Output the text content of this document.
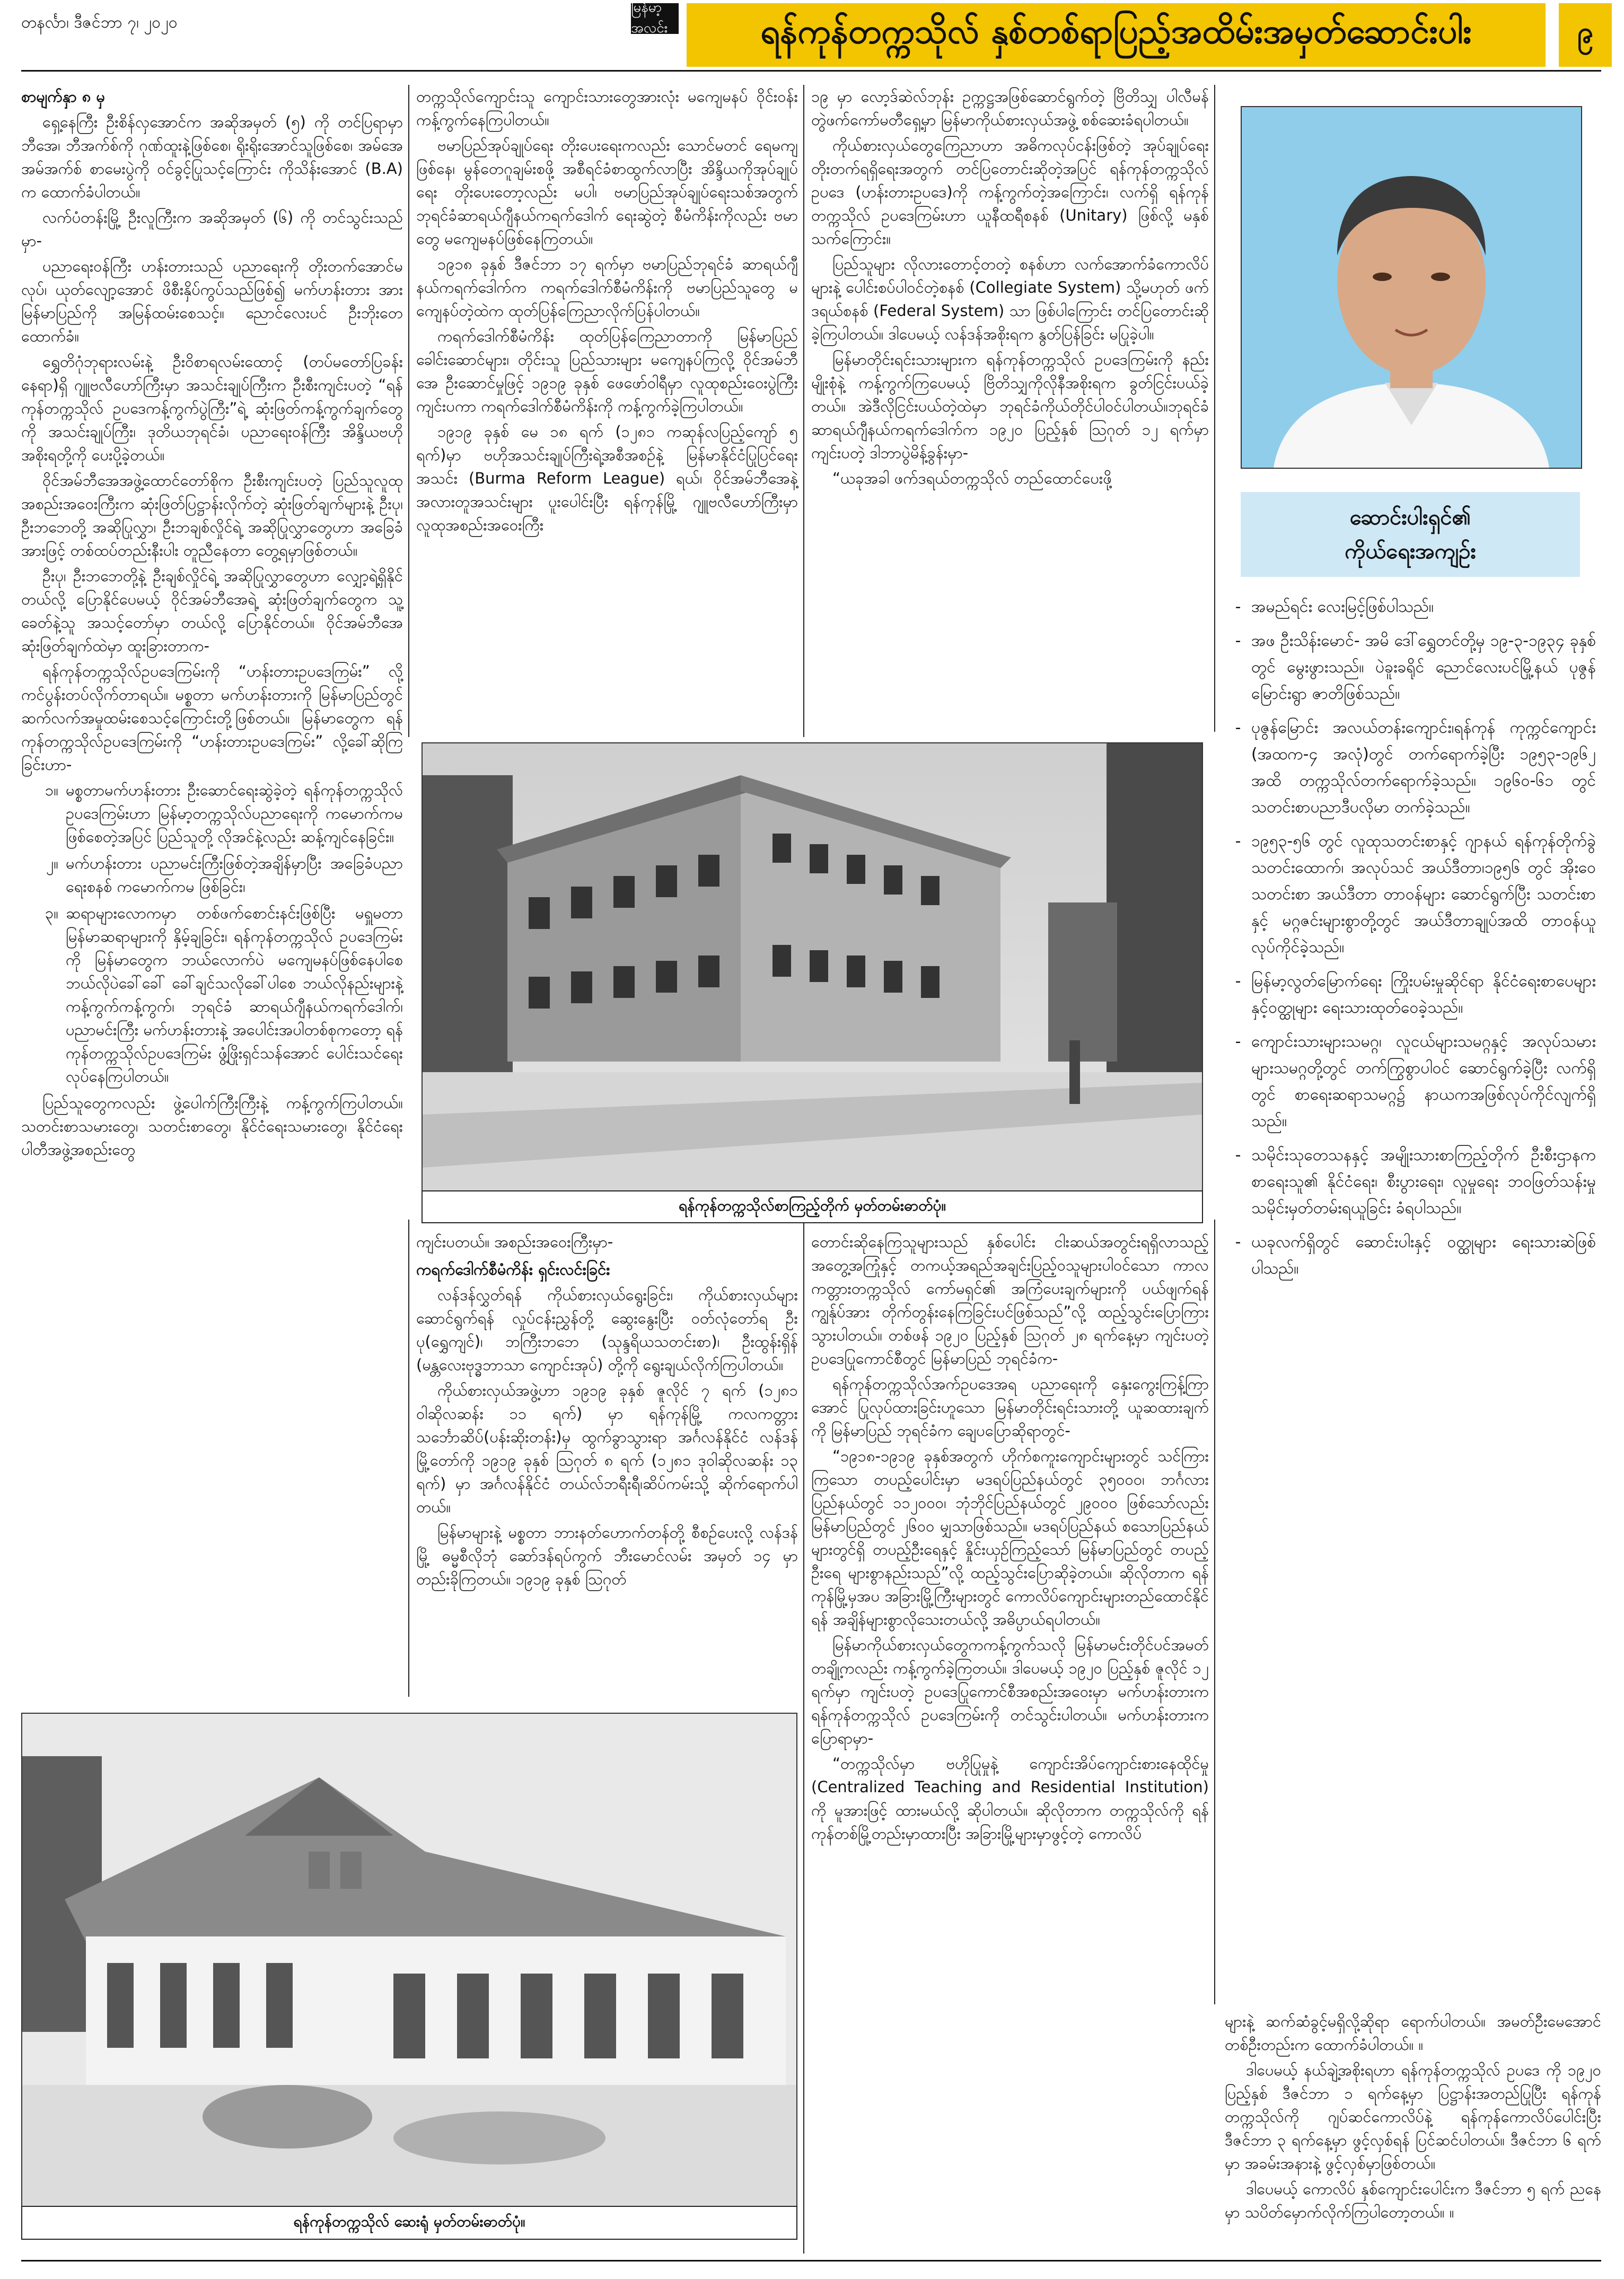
တနင်္လာ၊ ဒီဇင်ဘာ ၇၊ ၂၀၂၀
မြန်မာ့အလင်း	ရန်ကုန်တက္ကသိုလ် နှစ်တစ်ရာပြည့်အထိမ်းအမှတ်ဆောင်းပါး	၉

စာမျက်နှာ ၈ မှ

ရှေ့နေကြီး ဦးစိန်လှအောင်က အဆိုအမှတ် (၅) ကို တင်ပြရာမှာ ဘီအေ၊ ဘီအက်စ်ကို ဂုဏ်ထူးနဲ့ဖြစ်စေ၊ ရိုးရိုးအောင်သူဖြစ်စေ၊ အမ်အေအမ်အက်စ် စာမေးပွဲကို ဝင်ခွင့်ပြုသင့်ကြောင်း ကိုသိန်းအောင် (B.A) က ထောက်ခံပါတယ်။

လက်ပံတန်းမြို့ ဦးလူကြီးက အဆိုအမှတ် (၆) ကို တင်သွင်းသည်မှာ-

ပညာရေးဝန်ကြီး ဟန်းတားသည် ပညာရေးကို တိုးတက်အောင်မလုပ်၊ ယုတ်လျော့အောင် ဖိစီးနှိပ်ကွပ်သည်ဖြစ်၍ မက်ဟန်းတား အား မြန်မာပြည်ကို အမြန်ထမ်းစေသင့်။ ညောင်လေးပင် ဦးဘိုးတေ ထောက်ခံ။

ရွှေတိဂုံဘုရားလမ်းနဲ့ ဦးဝိစာရလမ်းထောင့် (တပ်မတော်ပြခန်းနေရာ)ရှိ ဂျူဗလီဟော်ကြီးမှာ အသင်းချုပ်ကြီးက ဦးစီးကျင်းပတဲ့ “ရန်ကုန်တက္ကသိုလ် ဥပဒေကန့်ကွက်ပွဲကြီး”ရဲ့ ဆုံးဖြတ်ကန့်ကွက်ချက်တွေကို အသင်းချုပ်ကြီး၊ ဒုတိယဘုရင်ခံ၊ ပညာရေးဝန်ကြီး အိန္ဒိယဗဟိုအစိုးရတို့ကို ပေးပို့ခဲ့တယ်။

ဝိုင်အမ်ဘီအေအဖွဲ့ထောင်တော်စိုက ဦးစီးကျင်းပတဲ့ ပြည်သူလူထု အစည်းအဝေးကြီးက ဆုံးဖြတ်ပြဋ္ဌာန်းလိုက်တဲ့ ဆုံးဖြတ်ချက်များနဲ့ ဦးပု၊ ဦးဘဘေတို့ အဆိုပြုလွှာ၊ ဦးဘချစ်လှိုင်ရဲ့ အဆိုပြုလွှာတွေဟာ အခြေခံအားဖြင့် တစ်ထပ်တည်းနီးပါး တူညီနေတာ တွေ့ရမှာဖြစ်တယ်။

ဦးပု၊ ဦးဘဘေတို့နဲ့ ဦးချစ်လှိုင်ရဲ့ အဆိုပြုလွှာတွေဟာ လျှော့ရဲ့ရှိနိုင်တယ်လို့ ပြောနိုင်ပေမယ့် ဝိုင်အမ်ဘီအေရဲ့ ဆုံးဖြတ်ချက်တွေက သူ့ခေတ်နဲ့သူ အသင့်တော်မှာ တယ်လို့ ပြောနိုင်တယ်။ ဝိုင်အမ်ဘီအေ ဆုံးဖြတ်ချက်ထဲမှာ ထူးခြားတာက-

ရန်ကုန်တက္ကသိုလ်ဥပဒေကြမ်းကို “ဟန်းတားဥပဒေကြမ်း” လို့ ကင်ပွန်းတပ်လိုက်တာရယ်။ မစ္စတာ မက်ဟန်းတားကို မြန်မာပြည်တွင် ဆက်လက်အမှုထမ်းစေသင့်ကြောင်းတို့ဖြစ်တယ်။ မြန်မာတွေက ရန်ကုန်တက္ကသိုလ်ဥပဒေကြမ်းကို “ဟန်းတားဥပဒေကြမ်း” လို့ခေါ်ဆိုကြခြင်းဟာ-

၁။ မစ္စတာမက်ဟန်းတား ဦးဆောင်ရေးဆွဲခဲ့တဲ့ ရန်ကုန်တက္ကသိုလ်ဥပဒေကြမ်းဟာ မြန်မာ့တက္ကသိုလ်ပညာရေးကို ကမောက်ကမ ဖြစ်စေတဲ့အပြင် ပြည်သူတို့ လိုအင်နဲ့လည်း ဆန့်ကျင်နေခြင်း။
၂။ မက်ဟန်းတား ပညာမင်းကြီးဖြစ်တဲ့အချိန်မှာပြီး အခြေခံပညာရေးစနစ် ကမောက်ကမ ဖြစ်ခြင်း၊
၃။ ဆရာများလောကမှာ တစ်ဖက်စောင်းနင်းဖြစ်ပြီး မရှူမတာ မြန်မာဆရာများကို နှိမ့်ချခြင်း၊ ရန်ကုန်တက္ကသိုလ် ဥပဒေကြမ်းကို မြန်မာတွေက ဘယ်လောက်ပဲ မကျေမနပ်ဖြစ်နေပါစေ ဘယ်လိုပဲခေါ်ခေါ် ခေါ်ချင်သလိုခေါ်ပါစေ ဘယ်လိုနည်းများနဲ့ ကန့်ကွက်ကန့်ကွက်၊ ဘုရင်ခံ ဆာရယ်ဂျီနယ်ကရက်ဒေါက်၊ ပညာမင်းကြီး မက်ဟန်းတားနဲ့ အပေါင်းအပါတစ်စုကတော့ ရန်ကုန်တက္ကသိုလ်ဥပဒေကြမ်း ဖွံ့ဖြိုးရှင်သန်အောင် ပေါင်းသင်ရေးလုပ်နေကြပါတယ်။

ပြည်သူတွေကလည်း ဖွဲ့ပေါက်ကြီးကြီးနဲ့ ကန့်ကွက်ကြပါတယ်။ သတင်းစာသမားတွေ၊ သတင်းစာတွေ၊ နိုင်ငံရေးသမားတွေ၊ နိုင်ငံရေးပါတီအဖွဲ့အစည်းတွေ

တက္ကသိုလ်ကျောင်းသူ ကျောင်းသားတွေအားလုံး မကျေမနပ် ဝိုင်းဝန်းကန့်ကွက်နေကြပါတယ်။

ဗမာပြည်အုပ်ချုပ်ရေး တိုးပေးရေးကလည်း သောင်မတင် ရေမကျဖြစ်နေ၊ မွန်တေဂူချမ်းစဖို့ အစီရင်ခံစာထွက်လာပြီး အိန္ဒိယကိုအုပ်ချုပ်ရေး တိုးပေးတော့လည်း မပါ၊ ဗမာပြည်အုပ်ချုပ်ရေးသစ်အတွက် ဘုရင်ခံဆာရယ်ဂျီနယ်ကရက်ဒေါက် ရေးဆွဲတဲ့ စီမံကိန်းကိုလည်း ဗမာတွေ မကျေမနပ်ဖြစ်နေကြတယ်။

၁၉၁၈ ခုနှစ် ဒီဇင်ဘာ ၁၇ ရက်မှာ ဗမာပြည်ဘုရင်ခံ ဆာရယ်ဂျီနယ်ကရက်ဒေါက်က ကရက်ဒေါက်စီမံကိန်းကို ဗမာပြည်သူတွေ မကျေနပ်တဲ့ထဲက ထုတ်ပြန်ကြေညာလိုက်ပြန်ပါတယ်။

ကရက်ဒေါက်စီမံကိန်း ထုတ်ပြန်ကြေညာတာကို မြန်မာပြည်ခေါင်းဆောင်များ၊ တိုင်းသူ ပြည်သားများ မကျေနပ်ကြလို့ ဝိုင်အမ်ဘီအေ ဦးဆောင်မှုဖြင့် ၁၉၁၉ ခုနှစ် ဖေဖော်ဝါရီမှာ လူထုစည်းဝေးပွဲကြီးကျင်းပကာ ကရက်ဒေါက်စီမံကိန်းကို ကန့်ကွက်ခဲ့ကြပါတယ်။

၁၉၁၉ ခုနှစ် မေ ၁၈ ရက် (၁၂၈၁ ကဆုန်လပြည့်ကျော် ၅ ရက်)မှာ ဗဟိုအသင်းချုပ်ကြီးရဲ့အစီအစဉ်နဲ့ မြန်မာနိုင်ငံပြုပြင်ရေးအသင်း (Burma Reform League) ရယ်၊ ဝိုင်အမ်ဘီအေနဲ့ အလားတူအသင်းများ ပူးပေါင်းပြီး ရန်ကုန်မြို့ ဂျူဗလီဟော်ကြီးမှာ လူထုအစည်းအဝေးကြီး

၁၉ မှာ လော့ဒ်ဆဲလ်ဘုန်း ဥက္ကဋ္ဌအဖြစ်ဆောင်ရွက်တဲ့ ဗြိတိသျှ ပါလီမန် တွဲဖက်ကော်မတီရှေ့မှာ မြန်မာကိုယ်စားလှယ်အဖွဲ့ စစ်ဆေးခံရပါတယ်။

ကိုယ်စားလှယ်တွေကြေညာဟာ အဓိကလုပ်ငန်းဖြစ်တဲ့ အုပ်ချုပ်ရေးတိုးတက်ရရှိရေးအတွက် တင်ပြတောင်းဆိုတဲ့အပြင် ရန်ကုန်တက္ကသိုလ် ဥပဒေ (ဟန်းတားဥပဒေ)ကို ကန့်ကွက်တဲ့အကြောင်း၊ လက်ရှိ ရန်ကုန်တက္ကသိုလ် ဥပဒေကြမ်းဟာ ယူနီထရီစနစ် (Unitary) ဖြစ်လို့ မနှစ်သက်ကြောင်း။

ပြည်သူများ လိုလားတောင့်တတဲ့ စနစ်ဟာ လက်အောက်ခံကောလိပ်များနဲ့ ပေါင်းစပ်ပါဝင်တဲ့စနစ် (Collegiate System) သို့မဟုတ် ဖက်ဒရယ်စနစ် (Federal System) သာ ဖြစ်ပါကြောင်း တင်ပြတောင်းဆိုခဲ့ကြပါတယ်။ ဒါပေမယ့် လန်ဒန်အစိုးရက နွတ်ပြန်ခြင်း မပြုခဲ့ပါ။

မြန်မာတိုင်းရင်းသားများက ရန်ကုန်တက္ကသိုလ် ဥပဒေကြမ်းကို နည်းမျိုးစုံနဲ့ ကန့်ကွက်ကြပေမယ့် ဗြိတိသျှကိုလိုနီအစိုးရက ခွတ်ငြင်းပယ်ခဲ့တယ်။ အဲဒီလိုငြင်းပယ်တဲ့ထဲမှာ ဘုရင်ခံကိုယ်တိုင်ပါဝင်ပါတယ်။ဘုရင်ခံ ဆာရယ်ဂျီနယ်ကရက်ဒေါက်က ၁၉၂၀ ပြည့်နှစ် ဩဂုတ် ၁၂ ရက်မှာကျင်းပတဲ့ ဒါဘာပွဲမိန့်ခွန်းမှာ-

“ယခုအခါ ဖက်ဒရယ်တက္ကသိုလ် တည်ထောင်ပေးဖို့

ရန်ကုန်တက္ကသိုလ်စာကြည့်တိုက် မှတ်တမ်းဓာတ်ပုံ။

ကျင်းပတယ်။ အစည်းအဝေးကြီးမှာ-

ကရက်ဒေါက်စီမံကိန်း ရှင်းလင်းခြင်း

လန်ဒန်လွှတ်ရန် ကိုယ်စားလှယ်ရွေးခြင်း၊ ကိုယ်စားလှယ်များဆောင်ရွက်ရန် လှုပ်ငန်းညွှန်တို့ ဆွေးနွေးပြီး ဝတ်လုံတော်ရ ဦးပု(ရွှေကျင်)၊ ဘကြီးဘဘေ (သုန္ဒရိယသတင်းစာ)၊ ဦးထွန်းရှိန် (မန္တလေးဗုဒ္ဓဘာသာ ကျောင်းအုပ်) တို့ကို ရွေးချယ်လိုက်ကြပါတယ်။

ကိုယ်စားလှယ်အဖွဲ့ဟာ ၁၉၁၉ ခုနှစ် ဇူလိုင် ၇ ရက် (၁၂၈၁ ဝါဆိုလဆန်း ၁၁ ရက်) မှာ ရန်ကုန်မြို့ ကလကတ္တား သင်္ဘောဆိပ်(ပန်းဆိုးတန်း)မှ ထွက်ခွာသွားရာ အင်္ဂလန်နိုင်ငံ လန်ဒန်မြို့တော်ကို ၁၉၁၉ ခုနှစ် ဩဂုတ် ၈ ရက် (၁၂၈၁ ဒုဝါဆိုလဆန်း ၁၃ ရက်) မှာ အင်္ဂလန်နိုင်ငံ တယ်လ်ဘရီးရီ၊ဆိပ်ကမ်းသို့ ဆိုက်ရောက်ပါတယ်။

မြန်မာများနဲ့ မစ္စတာ ဘားနတ်ဟောက်တန်တို့ စီစဉ်ပေးလို့ လန်ဒန်မြို့ ဓမ္မစီလိုဘုံ ဆော်ဒန်ရပ်ကွက် ဘီးမောင်လမ်း အမှတ် ၁၄ မှာ တည်းခိုကြတယ်။ ၁၉၁၉ ခုနှစ် ဩဂုတ်

တောင်းဆိုနေကြသူများသည် နှစ်ပေါင်း ငါးဆယ်အတွင်းရရှိလာသည့် အတွေ့အကြုံနှင့် တကယ့်အရည်အချင်းပြည့်ဝသူများပါဝင်သော ကာလကတ္တားတက္ကသိုလ် ကော်မရှင်၏ အကြံပေးချက်များကို ပယ်ဖျက်ရန် ကျွန်ုပ်အား တိုက်တွန်းနေကြခြင်းပင်ဖြစ်သည်”လို့ ထည့်သွင်းပြောကြားသွားပါတယ်။ တစ်ဖန် ၁၉၂၀ ပြည့်နှစ် ဩဂုတ် ၂၈ ရက်နေ့မှာ ကျင်းပတဲ့ ဥပဒေပြုကောင်စီတွင် မြန်မာပြည် ဘုရင်ခံက-

ရန်ကုန်တက္ကသိုလ်အက်ဥပဒေအရ ပညာရေးကို နှေးကွေးကြန့်ကြာအောင် ပြုလုပ်ထားခြင်းဟူသော မြန်မာတိုင်းရင်းသားတို့ ယူဆထားချက်ကို မြန်မာပြည် ဘုရင်ခံက ချေပပြောဆိုရာတွင်-

“၁၉၁၈-၁၉၁၉ ခုနှစ်အတွက် ဟိုက်စကူးကျောင်းများတွင် သင်ကြားကြသော တပည့်ပေါင်းမှာ မဒရပ်ပြည်နယ်တွင် ၃၅၀၀၀၊ ဘင်္ဂလားပြည်နယ်တွင် ၁၁၂၀၀၀၊ ဘုံဘိုင်ပြည်နယ်တွင် ၂၉၀၀၀ ဖြစ်သော်လည်း မြန်မာပြည်တွင် ၂၆၀၀ မျှသာဖြစ်သည်။ မဒရပ်ပြည်နယ် စသောပြည်နယ်များတွင်ရှိ တပည့်ဦးရေနှင့် နှိုင်းယှဉ်ကြည့်သော် မြန်မာပြည်တွင် တပည့်ဦးရေ များစွာနည်းသည်”လို့ ထည့်သွင်းပြောဆိုခဲ့တယ်။ ဆိုလိုတာက ရန်ကုန်မြို့မှအပ အခြားမြို့ကြီးများတွင် ကောလိပ်ကျောင်းများတည်ထောင်နိုင်ရန် အချိန်များစွာလိုသေးတယ်လို့ အဓိပ္ပာယ်ရပါတယ်။

မြန်မာကိုယ်စားလှယ်တွေကကန့်ကွက်သလို မြန်မာမင်းတိုင်ပင်အမတ်တချို့ကလည်း ကန့်ကွက်ခဲ့ကြတယ်။ ဒါပေမယ့် ၁၉၂၀ ပြည့်နှစ် ဇူလိုင် ၁၂ ရက်မှာ ကျင်းပတဲ့ ဥပဒေပြုကောင်စီအစည်းအဝေးမှာ မက်ဟန်းတားက ရန်ကုန်တက္ကသိုလ် ဥပဒေကြမ်းကို တင်သွင်းပါတယ်။ မက်ဟန်းတားက ပြောရာမှာ-

“တက္ကသိုလ်မှာ ဗဟိုပြုမှုနဲ့ ကျောင်းအိပ်ကျောင်းစားနေထိုင်မှု (Centralized Teaching and Residential Institution) ကို မူအားဖြင့် ထားမယ်လို့ ဆိုပါတယ်။ ဆိုလိုတာက တက္ကသိုလ်ကို ရန်ကုန်တစ်မြို့တည်းမှာထားပြီး အခြားမြို့များမှာဖွင့်တဲ့ ကောလိပ်

ရန်ကုန်တက္ကသိုလ် ဆေးရုံ မှတ်တမ်းဓာတ်ပုံ။
ဆောင်းပါးရှင်၏
ကိုယ်ရေးအကျဉ်း
- အမည်ရင်း လေးမြင့်ဖြစ်ပါသည်။
- အဖ ဦးသိန်းမောင်- အမိ ဒေါ်ရွှေတင်တို့မှ ၁၉-၃-၁၉၃၄ ခုနှစ်တွင် မွေးဖွားသည်။ ပဲခူးခရိုင် ညောင်လေးပင်မြို့နယ် ပုဇွန်မြောင်းရွာ ဇာတိဖြစ်သည်။
- ပုဇွန်မြောင်း အလယ်တန်းကျောင်း၊ရန်ကုန် ကုက္ကင်ကျောင်း (အထက-၄ အလုံ)တွင် တက်ရောက်ခဲ့ပြီး ၁၉၅၃-၁၉၆၂ အထိ တက္ကသိုလ်တက်ရောက်ခဲ့သည်။ ၁၉၆၀-၆၁ တွင် သတင်းစာပညာဒီပလိုမာ တက်ခဲ့သည်။
- ၁၉၅၃-၅၆ တွင် လူထုသတင်းစာနှင့် ဂျာနယ် ရန်ကုန်တိုက်ခွဲ သတင်းထောက်၊ အလုပ်သင် အယ်ဒီတာ၊၁၉၅၆ တွင် အိုးဝေ သတင်းစာ အယ်ဒီတာ တာဝန်များ ဆောင်ရွက်ပြီး သတင်းစာနှင့် မဂ္ဂဇင်းများစွာတို့တွင် အယ်ဒီတာချုပ်အထိ တာဝန်ယူလုပ်ကိုင်ခဲ့သည်။
- မြန်မာ့လွတ်မြောက်ရေး ကြိုးပမ်းမှုဆိုင်ရာ နိုင်ငံရေးစာပေများနှင့်ဝတ္ထုများ ရေးသားထုတ်ဝေခဲ့သည်။
- ကျောင်းသားများသမဂ္ဂ၊ လူငယ်များသမဂ္ဂနှင့် အလုပ်သမားများသမဂ္ဂတို့တွင် တက်ကြွစွာပါဝင် ဆောင်ရွက်ခဲ့ပြီး လက်ရှိတွင် စာရေးဆရာသမဂ္ဂ၌ နာယကအဖြစ်လုပ်ကိုင်လျက်ရှိသည်။
- သမိုင်းသုတေသနနှင့် အမျိုးသားစာကြည့်တိုက် ဦးစီးဌာနက စာရေးသူ၏ နိုင်ငံရေး၊ စီးပွားရေး၊ လူမှုရေး ဘဝဖြတ်သန်းမှု သမိုင်းမှတ်တမ်းရယူခြင်း ခံရပါသည်။
- ယခုလက်ရှိတွင် ဆောင်းပါးနှင့် ဝတ္ထုများ ရေးသားဆဲဖြစ်ပါသည်။

များနဲ့ ဆက်ဆံခွင့်မရှိလို့ဆိုရာ ရောက်ပါတယ်။ အမတ်ဦးမေအောင် တစ်ဦးတည်းက ထောက်ခံပါတယ်။ ။

ဒါပေမယ့် နယ်ချဲ့အစိုးရဟာ ရန်ကုန်တက္ကသိုလ် ဥပဒေ ကို ၁၉၂၀ ပြည့်နှစ် ဒီဇင်ဘာ ၁ ရက်နေ့မှာ ပြဋ္ဌာန်းအတည်ပြုပြီး ရန်ကုန်တက္ကသိုလ်ကို ဂျပ်ဆင်ကောလိပ်နဲ့ ရန်ကုန်ကောလိပ်ပေါင်းပြီး ဒီဇင်ဘာ ၃ ရက်နေ့မှာ ဖွင့်လှစ်ရန် ပြင်ဆင်ပါတယ်။ ဒီဇင်ဘာ ၆ ရက်မှာ အခမ်းအနားနဲ့ ဖွင့်လှစ်မှာဖြစ်တယ်။

ဒါပေမယ့် ကောလိပ် နှစ်ကျောင်းပေါင်းက ဒီဇင်ဘာ ၅ ရက် ညနေမှာ သပိတ်မှောက်လိုက်ကြပါတော့တယ်။ ။
